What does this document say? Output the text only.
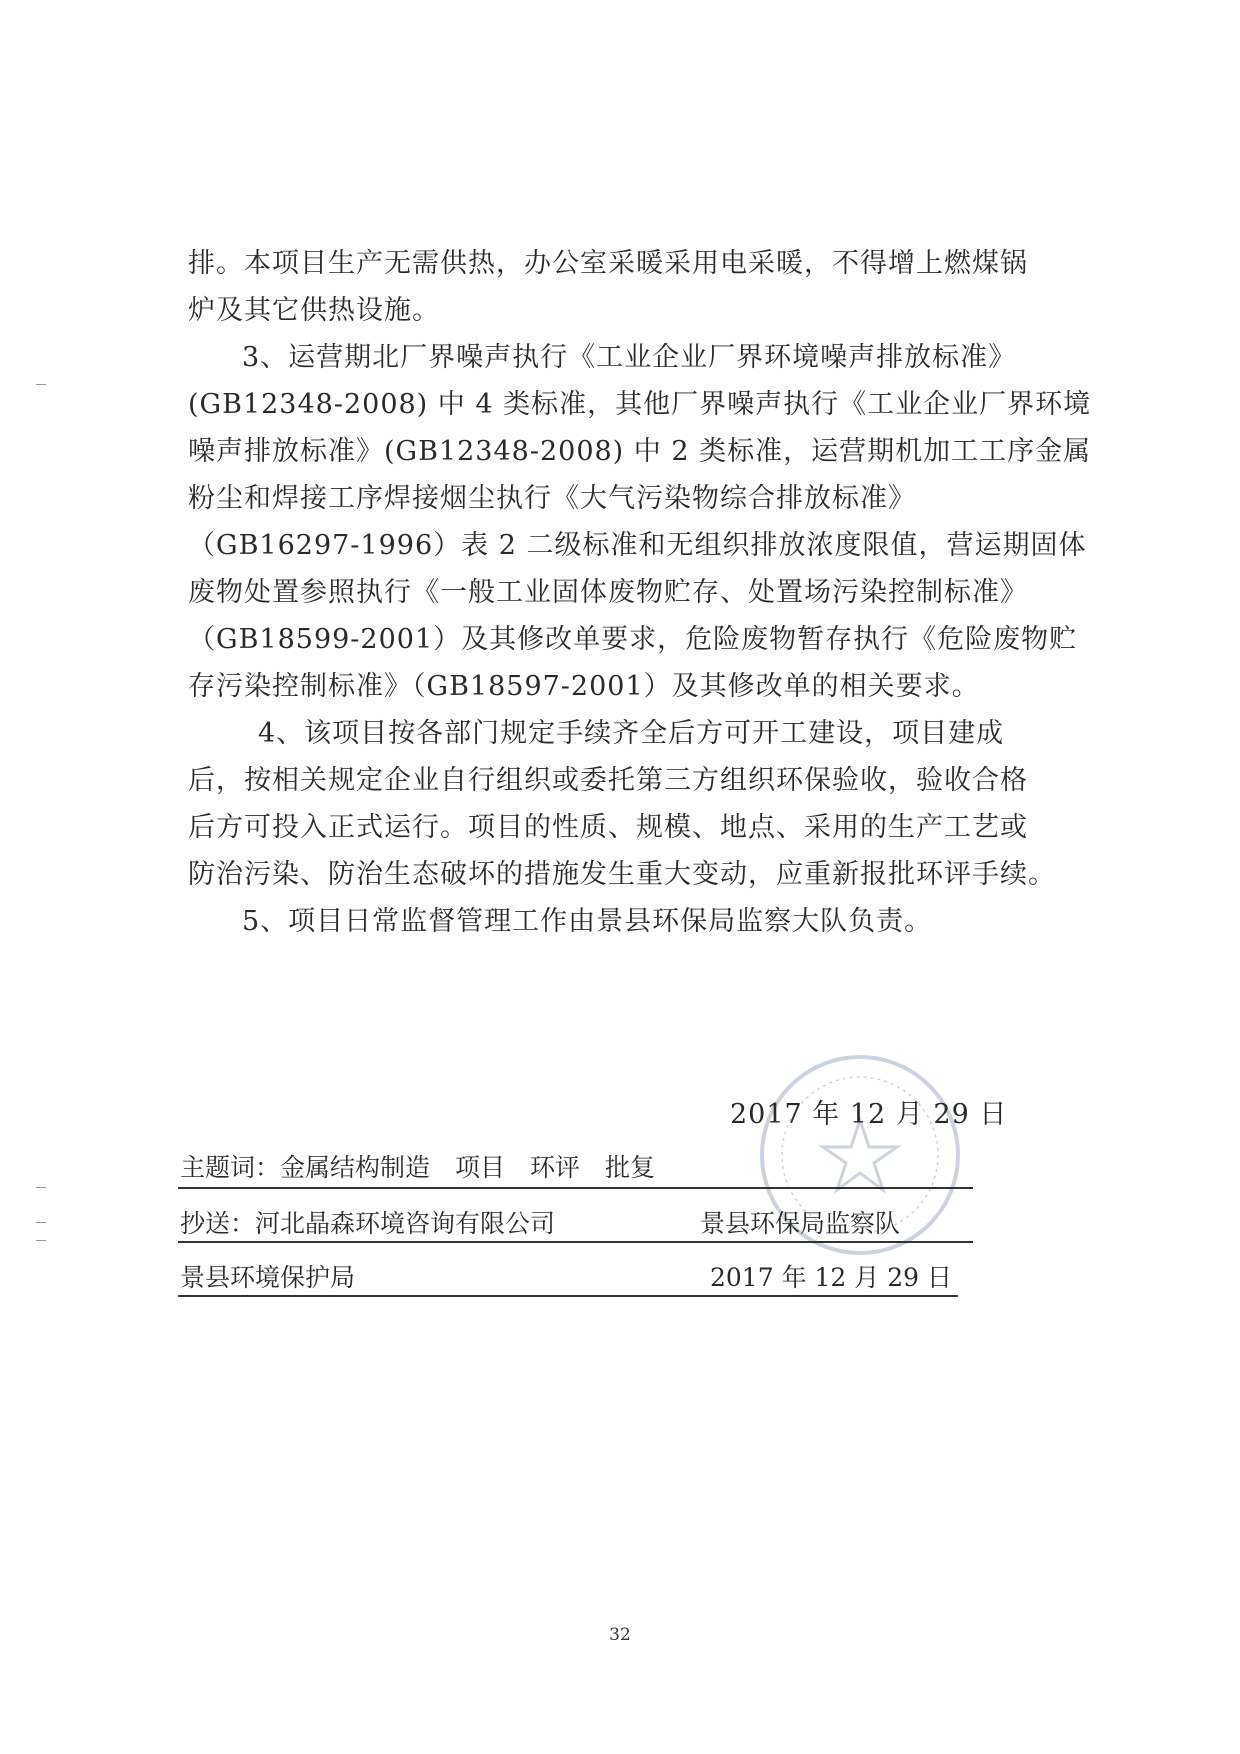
排。本项目生产无需供热，办公室采暖采用电采暖，不得增上燃煤锅
炉及其它供热设施。

3、运营期北厂界噪声执行《工业企业厂界环境噪声排放标准》
(GB12348-2008) 中 4 类标准，其他厂界噪声执行《工业企业厂界环境
噪声排放标准》(GB12348-2008) 中 2 类标准，运营期机加工工序金属
粉尘和焊接工序焊接烟尘执行《大气污染物综合排放标准》
（GB16297-1996）表 2 二级标准和无组织排放浓度限值，营运期固体
废物处置参照执行《一般工业固体废物贮存、处置场污染控制标准》
（GB18599-2001）及其修改单要求，危险废物暂存执行《危险废物贮
存污染控制标准》（GB18597-2001）及其修改单的相关要求。

4、该项目按各部门规定手续齐全后方可开工建设，项目建成
后，按相关规定企业自行组织或委托第三方组织环保验收，验收合格
后方可投入正式运行。项目的性质、规模、地点、采用的生产工艺或
防治污染、防治生态破坏的措施发生重大变动，应重新报批环评手续。

5、项目日常监督管理工作由景县环保局监察大队负责。

2017 年 12 月 29 日
主题词：金属结构制造　项目　环评　批复
抄送：河北晶森环境咨询有限公司	景县环保局监察队
景县环境保护局	2017 年 12 月 29 日
32
